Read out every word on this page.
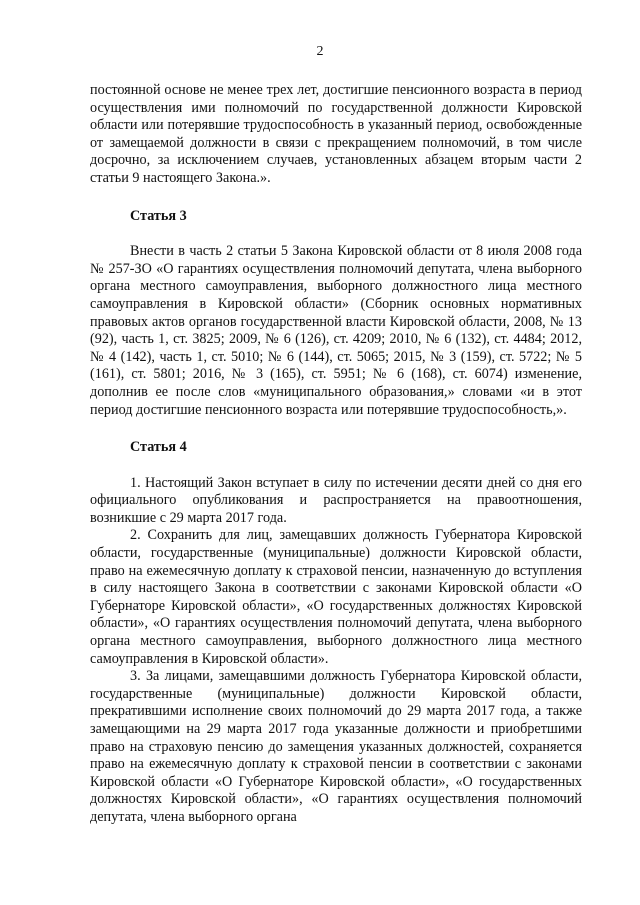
2

постоянной основе не менее трех лет, достигшие пенсионного возраста в период осуществления ими полномочий по государственной должности Кировской области или потерявшие трудоспособность в указанный период, освобожденные от замещаемой должности в связи с прекращением полномочий, в том числе досрочно, за исключением случаев, установленных абзацем вторым части 2 статьи 9 настоящего Закона.».

Статья 3

Внести в часть 2 статьи 5 Закона Кировской области от 8 июля 2008 года № 257-ЗО «О гарантиях осуществления полномочий депутата, члена выборного органа местного самоуправления, выборного должностного лица местного самоуправления в Кировской области» (Сборник основных нормативных правовых актов органов государственной власти Кировской области, 2008, № 13 (92), часть 1, ст. 3825; 2009, № 6 (126), ст. 4209; 2010, № 6 (132), ст. 4484; 2012, № 4 (142), часть 1, ст. 5010; № 6 (144), ст. 5065; 2015, № 3 (159), ст. 5722; № 5 (161), ст. 5801; 2016, № 3 (165), ст. 5951; № 6 (168), ст. 6074) изменение, дополнив ее после слов «муниципального образования,» словами «и в этот период достигшие пенсионного возраста или потерявшие трудоспособность,».

Статья 4

1. Настоящий Закон вступает в силу по истечении десяти дней со дня его официального опубликования и распространяется на правоотношения, возникшие с 29 марта 2017 года.

2. Сохранить для лиц, замещавших должность Губернатора Кировской области, государственные (муниципальные) должности Кировской области, право на ежемесячную доплату к страховой пенсии, назначенную до вступления в силу настоящего Закона в соответствии с законами Кировской области «О Губернаторе Кировской области», «О государственных должностях Кировской области», «О гарантиях осуществления полномочий депутата, члена выборного органа местного самоуправления, выборного должностного лица местного самоуправления в Кировской области».

3. За лицами, замещавшими должность Губернатора Кировской области, государственные (муниципальные) должности Кировской области, прекратившими исполнение своих полномочий до 29 марта 2017 года, а также замещающими на 29 марта 2017 года указанные должности и приобретшими право на страховую пенсию до замещения указанных должностей, сохраняется право на ежемесячную доплату к страховой пенсии в соответствии с законами Кировской области «О Губернаторе Кировской области», «О государственных должностях Кировской области», «О гарантиях осуществления полномочий депутата, члена выборного органа
